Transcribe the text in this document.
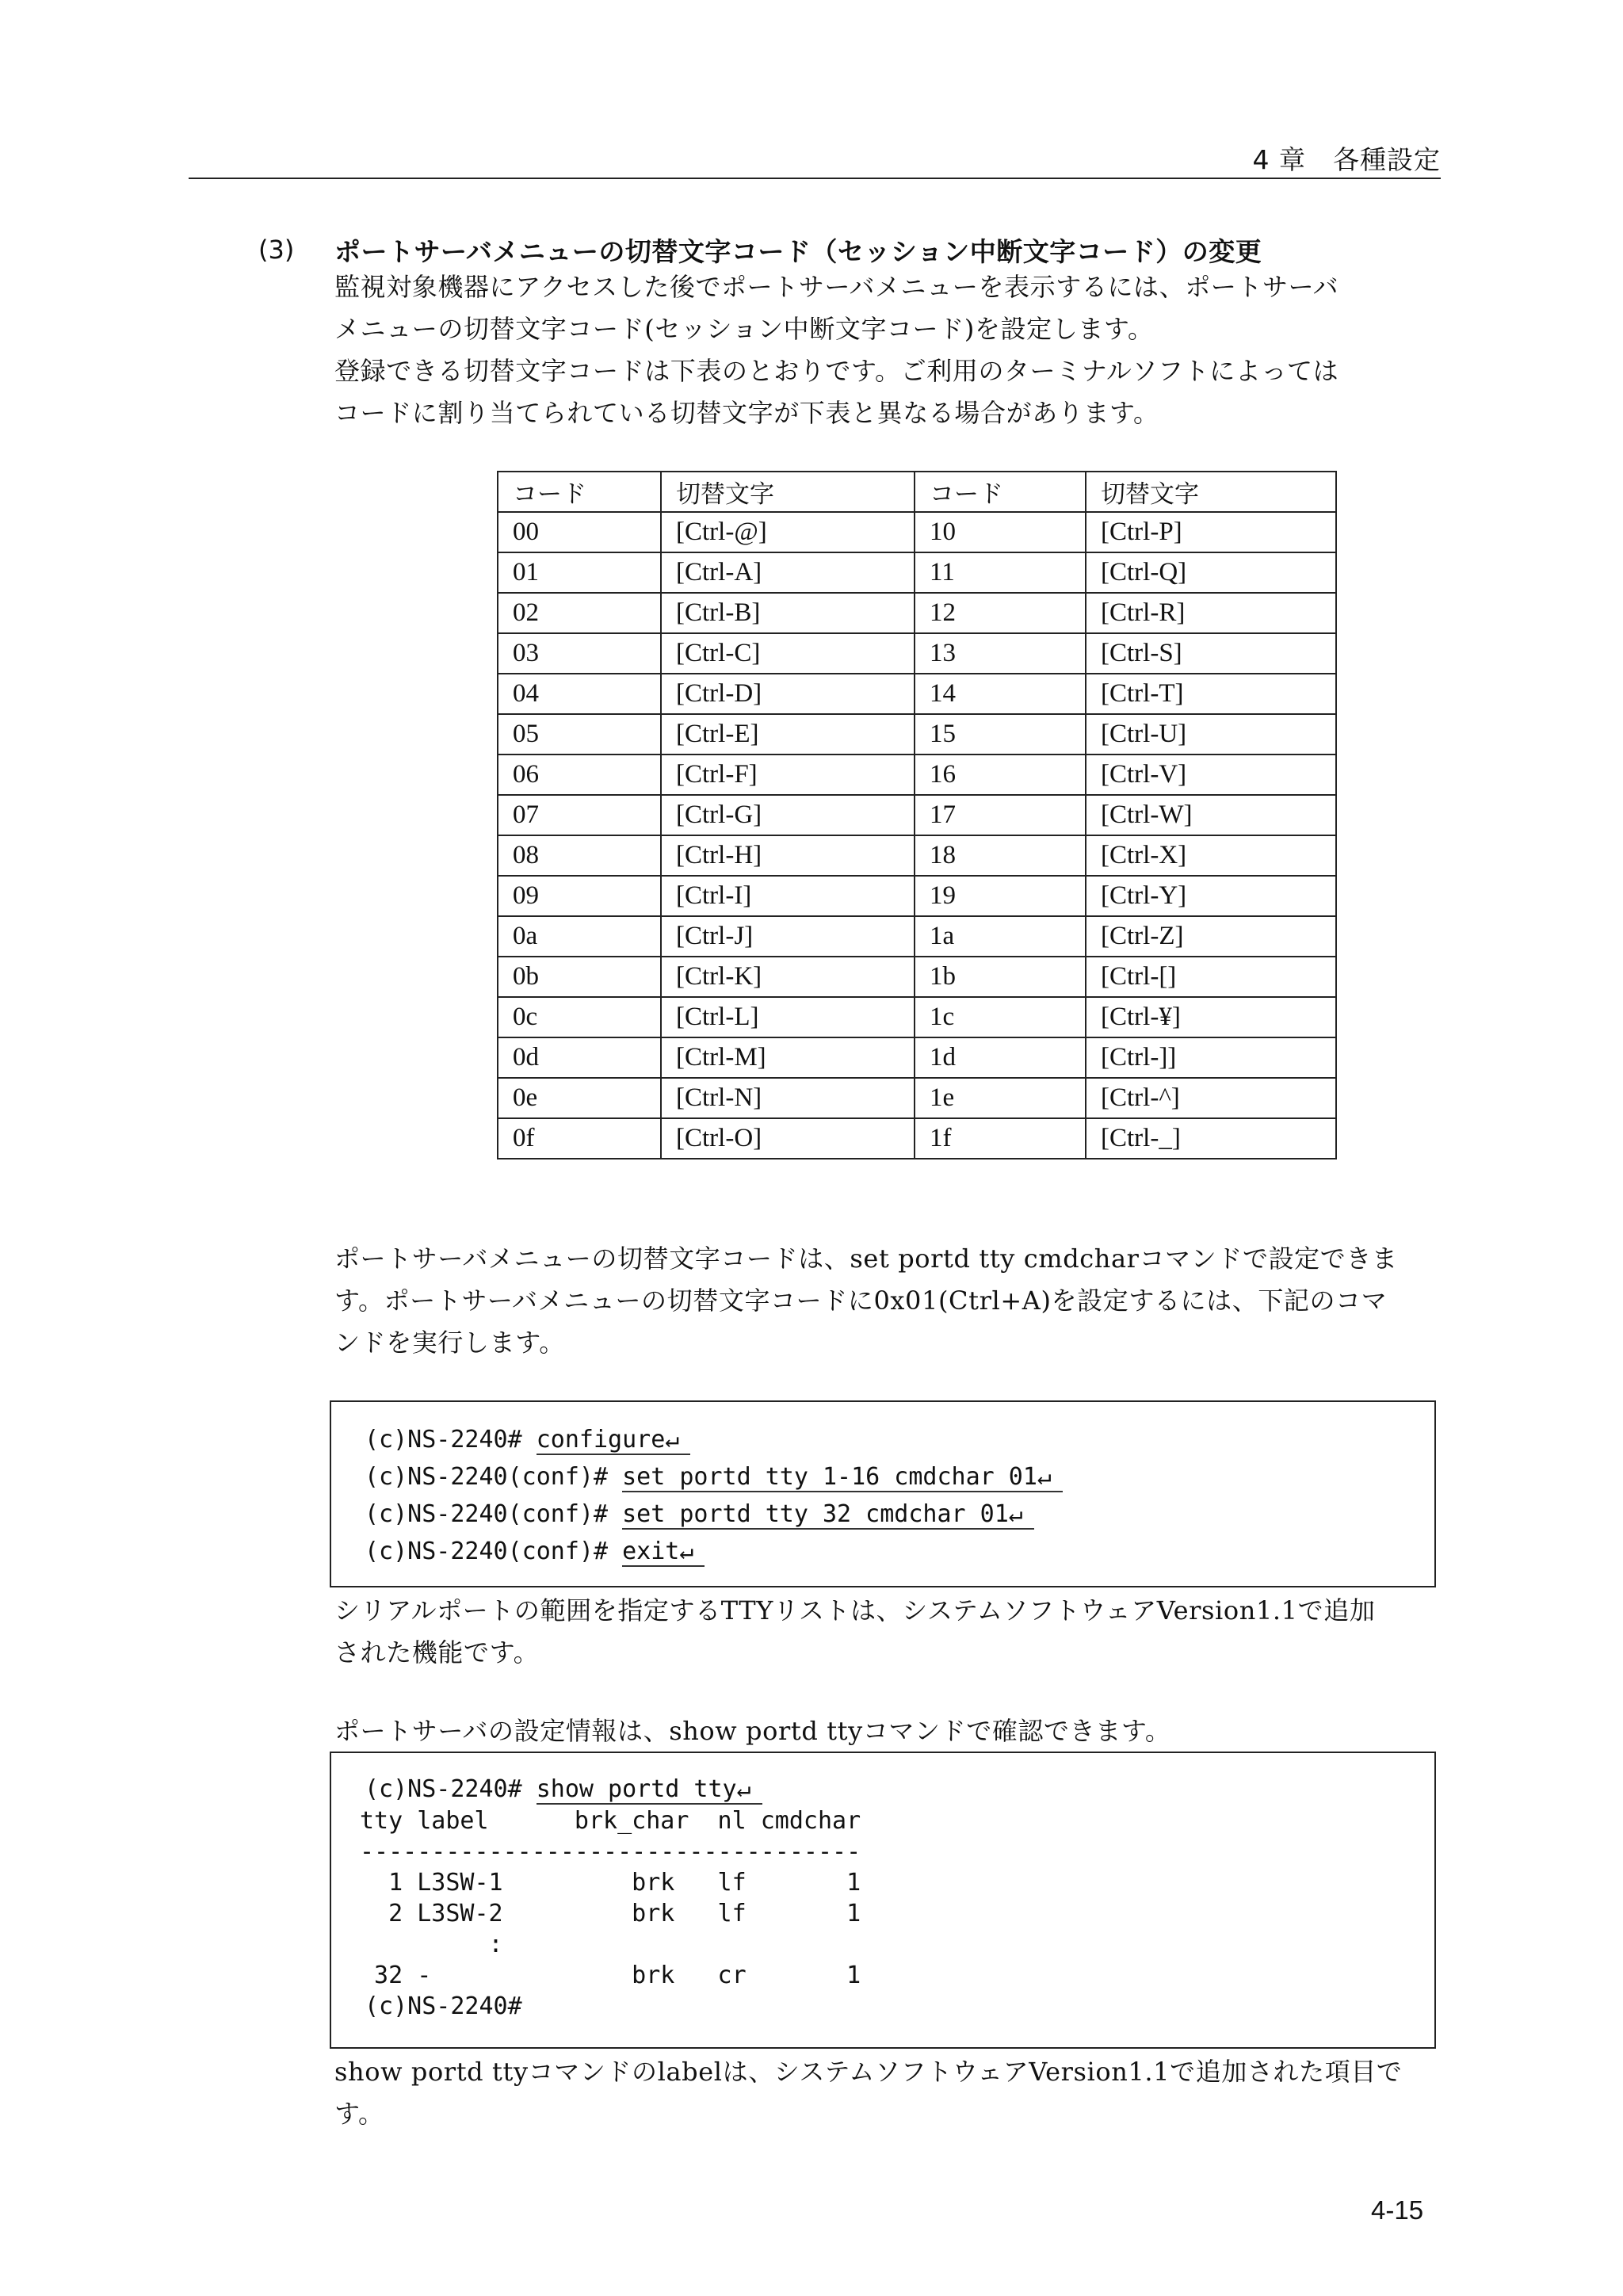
4 章　各種設定
(3) ポートサーバメニューの切替文字コード（セッション中断文字コード）の変更
監視対象機器にアクセスした後でポートサーバメニューを表示するには、ポートサーバ
メニューの切替文字コード(セッション中断文字コード)を設定します。
登録できる切替文字コードは下表のとおりです。ご利用のターミナルソフトによっては
コードに割り当てられている切替文字が下表と異なる場合があります。
コード	切替文字	コード	切替文字
00	[Ctrl-@]	10	[Ctrl-P]
01	[Ctrl-A]	11	[Ctrl-Q]
02	[Ctrl-B]	12	[Ctrl-R]
03	[Ctrl-C]	13	[Ctrl-S]
04	[Ctrl-D]	14	[Ctrl-T]
05	[Ctrl-E]	15	[Ctrl-U]
06	[Ctrl-F]	16	[Ctrl-V]
07	[Ctrl-G]	17	[Ctrl-W]
08	[Ctrl-H]	18	[Ctrl-X]
09	[Ctrl-I]	19	[Ctrl-Y]
0a	[Ctrl-J]	1a	[Ctrl-Z]
0b	[Ctrl-K]	1b	[Ctrl-[]
0c	[Ctrl-L]	1c	[Ctrl-¥]
0d	[Ctrl-M]	1d	[Ctrl-]]
0e	[Ctrl-N]	1e	[Ctrl-^]
0f	[Ctrl-O]	1f	[Ctrl-_]
ポートサーバメニューの切替文字コードは、set portd tty cmdcharコマンドで設定できま
す。ポートサーバメニューの切替文字コードに0x01(Ctrl+A)を設定するには、下記のコマ
ンドを実行します。
(c)NS-2240# configure↵
(c)NS-2240(conf)# set portd tty 1-16 cmdchar 01↵
(c)NS-2240(conf)# set portd tty 32 cmdchar 01↵
(c)NS-2240(conf)# exit↵
シリアルポートの範囲を指定するTTYリストは、システムソフトウェアVersion1.1で追加
された機能です。
ポートサーバの設定情報は、show portd ttyコマンドで確認できます。
(c)NS-2240# show portd tty↵
tty label      brk_char  nl cmdchar
-----------------------------------
1 L3SW-1         brk   lf       1
2 L3SW-2         brk   lf       1
:
32 -              brk   cr       1
(c)NS-2240#
show portd ttyコマンドのlabelは、システムソフトウェアVersion1.1で追加された項目で
す。
4-15
